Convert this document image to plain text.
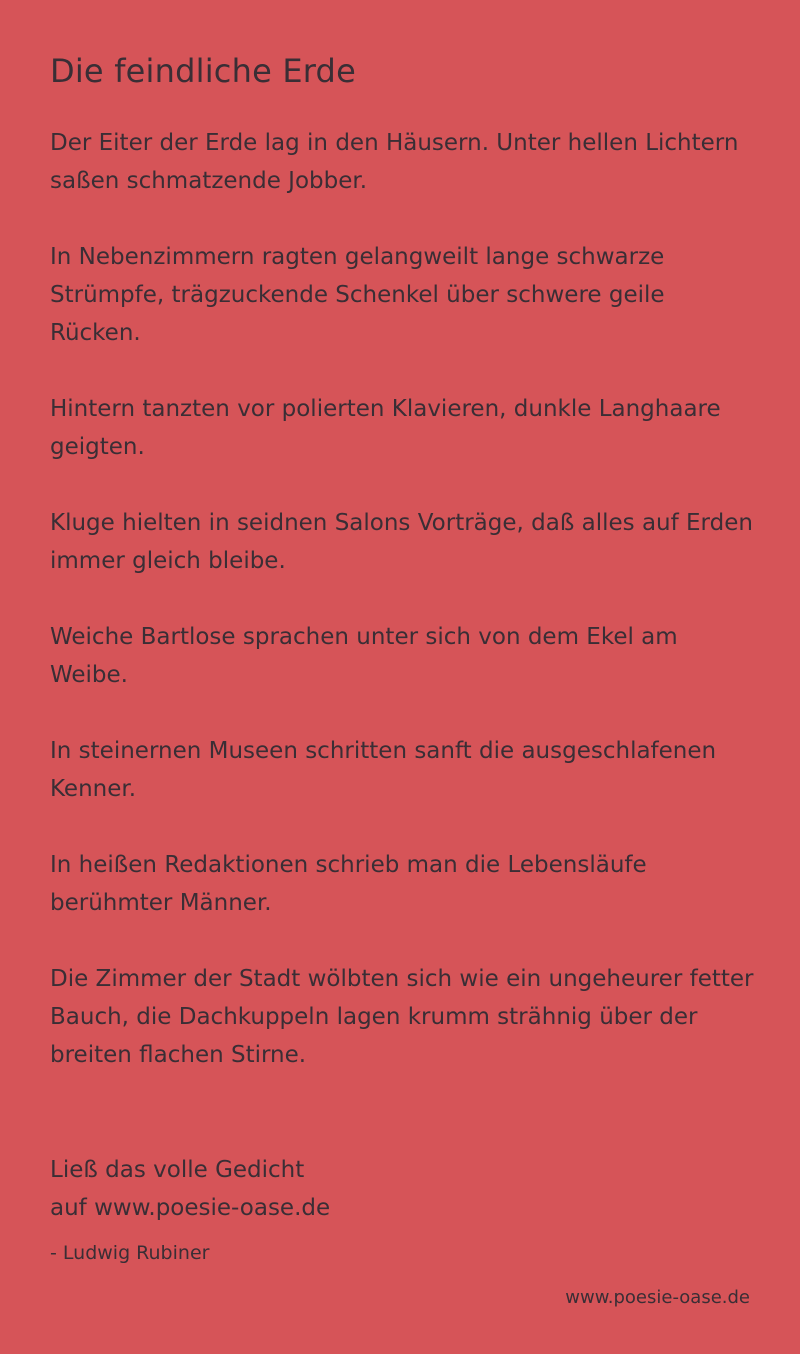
Die feindliche Erde

Der Eiter der Erde lag in den Häusern. Unter hellen Lichtern saßen schmatzende Jobber.

In Nebenzimmern ragten gelangweilt lange schwarze Strümpfe, trägzuckende Schenkel über schwere geile Rücken.

Hintern tanzten vor polierten Klavieren, dunkle Langhaare geigten.

Kluge hielten in seidnen Salons Vorträge, daß alles auf Erden immer gleich bleibe.

Weiche Bartlose sprachen unter sich von dem Ekel am Weibe.

In steinernen Museen schritten sanft die ausgeschlafenen Kenner.

In heißen Redaktionen schrieb man die Lebensläufe berühmter Männer.

Die Zimmer der Stadt wölbten sich wie ein ungeheurer fetter Bauch, die Dachkuppeln lagen krumm strähnig über der breiten flachen Stirne.

Ließ das volle Gedicht
auf www.poesie-oase.de
- Ludwig Rubiner
www.poesie-oase.de
